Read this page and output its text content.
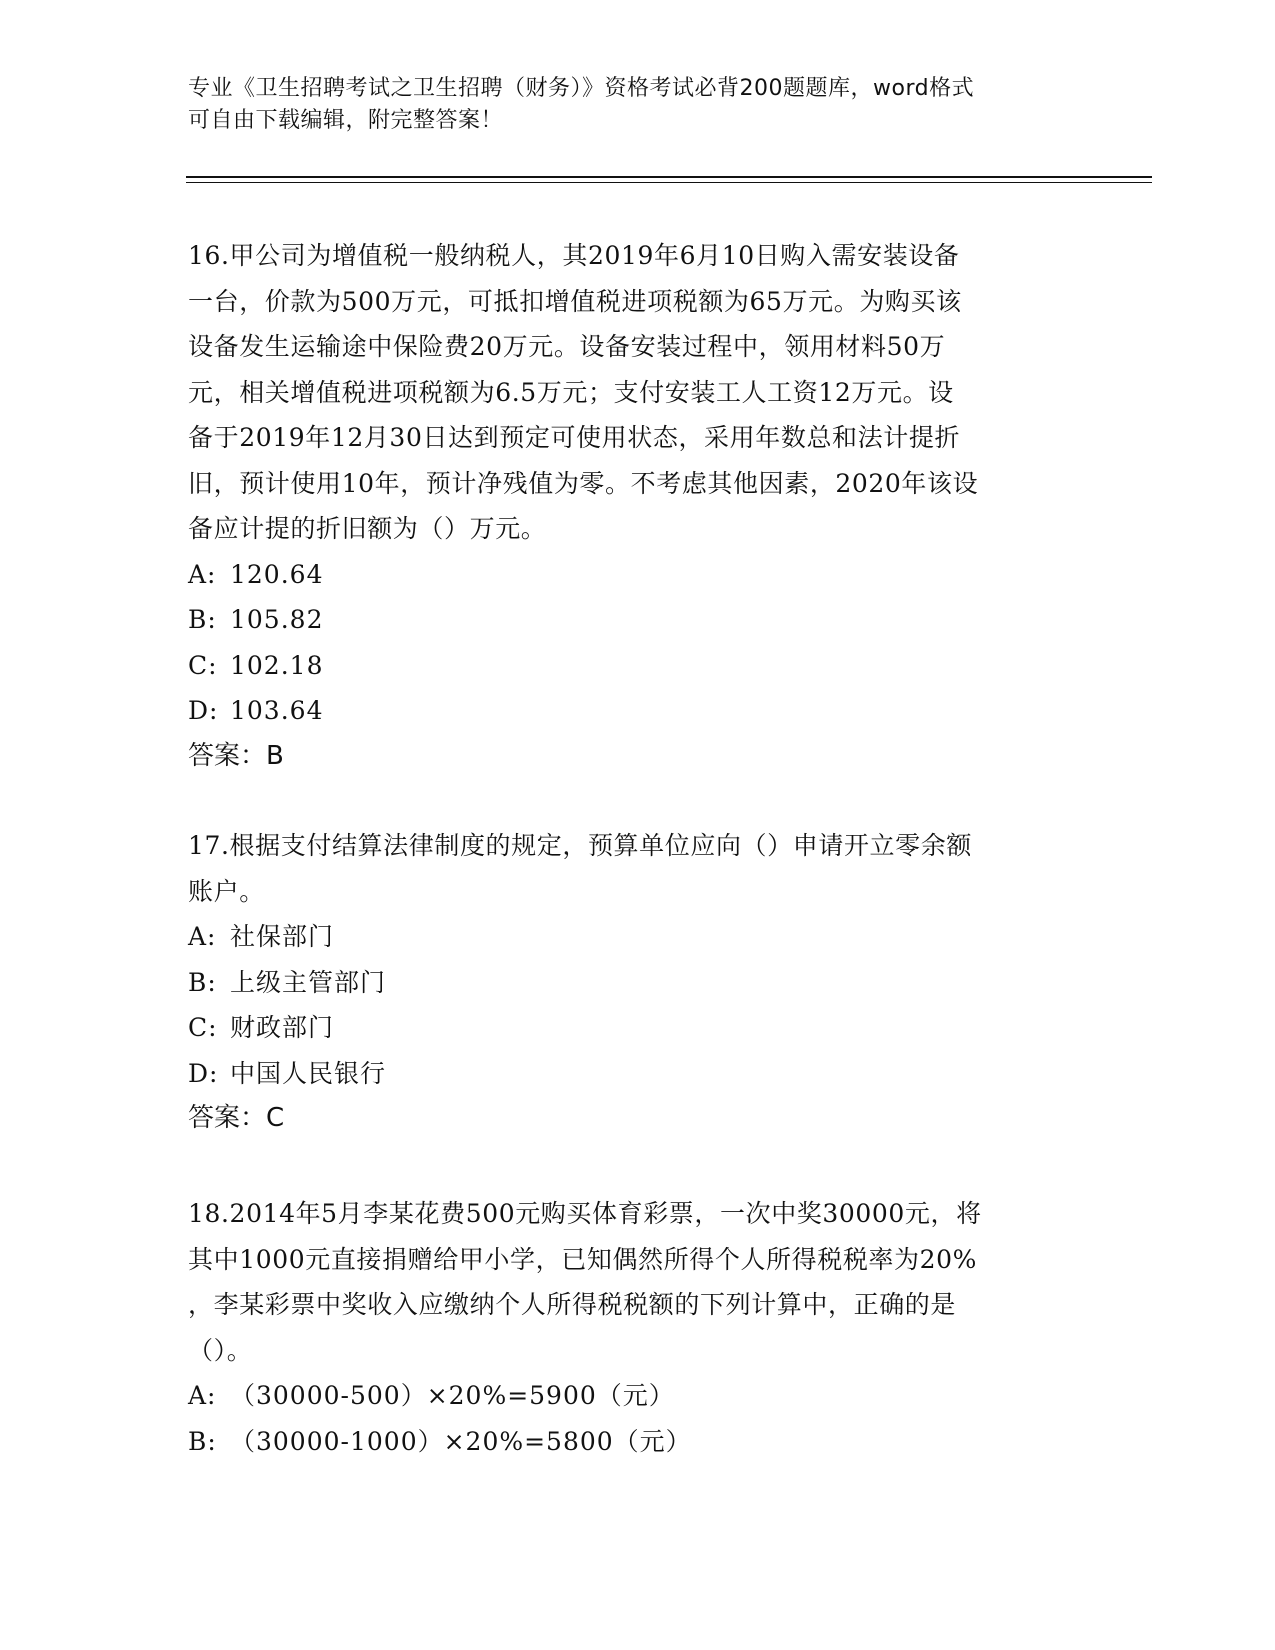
专业《卫生招聘考试之卫生招聘（财务）》资格考试必背200题题库，word格式

可自由下载编辑，附完整答案！

16.甲公司为增值税一般纳税人，其2019年6月10日购入需安装设备

一台，价款为500万元，可抵扣增值税进项税额为65万元。为购买该

设备发生运输途中保险费20万元。设备安装过程中，领用材料50万

元，相关增值税进项税额为6.5万元；支付安装工人工资12万元。设

备于2019年12月30日达到预定可使用状态，采用年数总和法计提折

旧，预计使用10年，预计净残值为零。不考虑其他因素，2020年该设

备应计提的折旧额为（）万元。

A: 120.64
B: 105.82
C: 102.18
D: 103.64

答案：B

17.根据支付结算法律制度的规定，预算单位应向（）申请开立零余额

账户。

A: 社保部门
B: 上级主管部门
C: 财政部门
D: 中国人民银行

答案：C

18.2014年5月李某花费500元购买体育彩票，一次中奖30000元，将

其中1000元直接捐赠给甲小学，已知偶然所得个人所得税税率为20%

，李某彩票中奖收入应缴纳个人所得税税额的下列计算中，正确的是

（）。

A: （30000-500）×20%=5900（元）
B: （30000-1000）×20%=5800（元）
